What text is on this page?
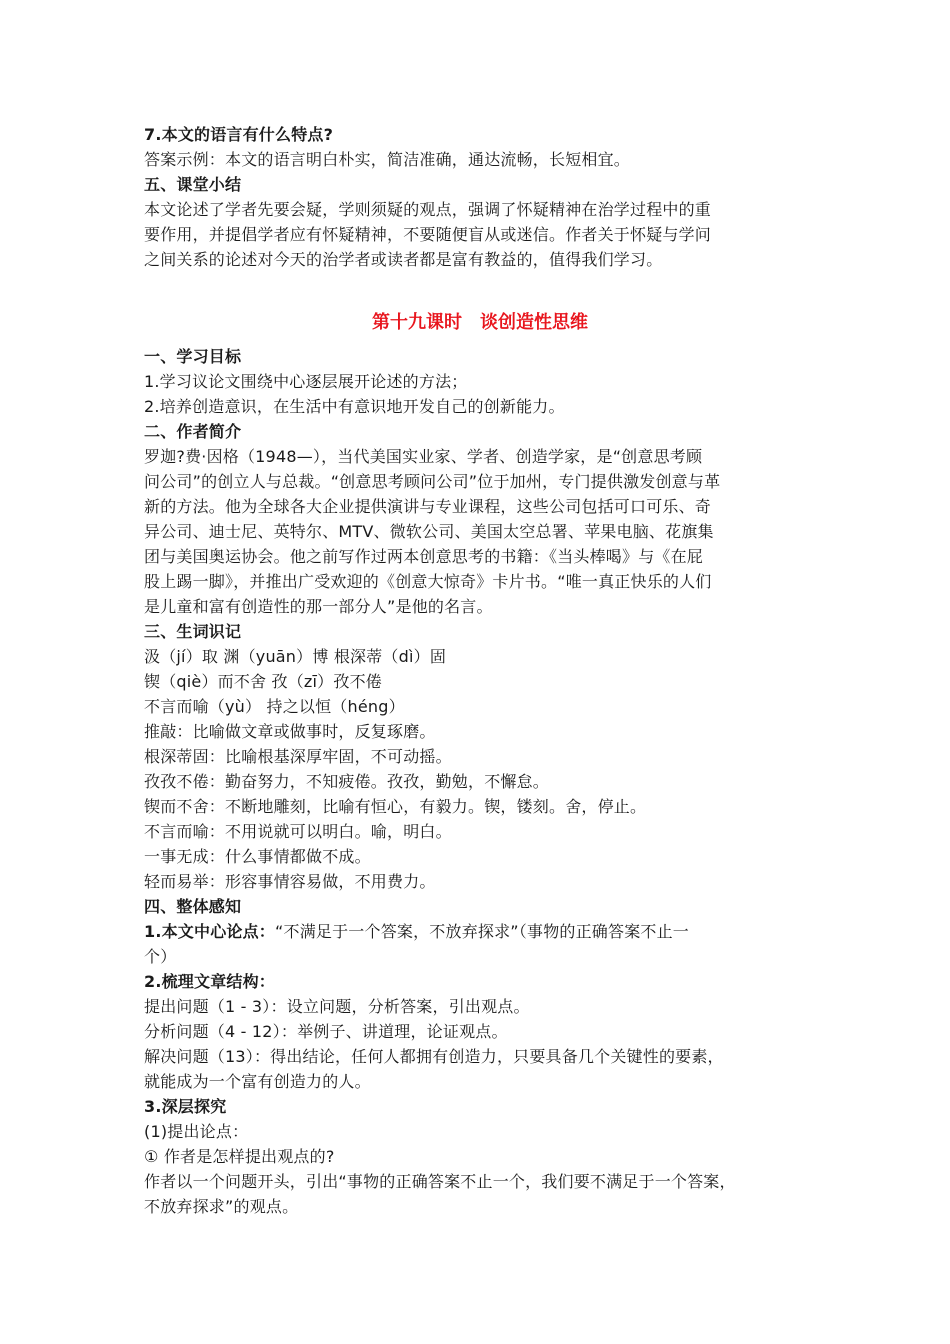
7.本文的语言有什么特点?
答案示例：本文的语言明白朴实，简洁准确，通达流畅，长短相宜。
五、课堂小结
本文论述了学者先要会疑，学则须疑的观点，强调了怀疑精神在治学过程中的重
要作用，并提倡学者应有怀疑精神，不要随便盲从或迷信。作者关于怀疑与学问
之间关系的论述对今天的治学者或读者都是富有教益的，值得我们学习。
第十九课时　谈创造性思维
一、学习目标
1.学习议论文围绕中心逐层展开论述的方法；
2.培养创造意识，在生活中有意识地开发自己的创新能力。
二、作者简介
罗迦?费·因格（1948—），当代美国实业家、学者、创造学家，是“创意思考顾
问公司”的创立人与总裁。“创意思考顾问公司”位于加州，专门提供激发创意与革
新的方法。他为全球各大企业提供演讲与专业课程，这些公司包括可口可乐、奇
异公司、迪士尼、英特尔、MTV、微软公司、美国太空总署、苹果电脑、花旗集
团与美国奥运协会。他之前写作过两本创意思考的书籍：《当头棒喝》与《在屁
股上踢一脚》，并推出广受欢迎的《创意大惊奇》卡片书。“唯一真正快乐的人们
是儿童和富有创造性的那一部分人”是他的名言。
三、生词识记
汲（jí）取 渊（yuān）博 根深蒂（dì）固
锲（qiè）而不舍 孜（zī）孜不倦
不言而喻（yù） 持之以恒（héng）
推敲：比喻做文章或做事时，反复琢磨。
根深蒂固：比喻根基深厚牢固，不可动摇。
孜孜不倦：勤奋努力，不知疲倦。孜孜，勤勉，不懈怠。
锲而不舍：不断地雕刻，比喻有恒心，有毅力。锲，镂刻。舍，停止。
不言而喻：不用说就可以明白。喻，明白。
一事无成：什么事情都做不成。
轻而易举：形容事情容易做，不用费力。
四、整体感知
1.本文中心论点：“不满足于一个答案，不放弃探求”（事物的正确答案不止一
个）
2.梳理文章结构：
提出问题（1 - 3）：设立问题，分析答案，引出观点。
分析问题（4 - 12）：举例子、讲道理，论证观点。
解决问题（13）：得出结论，任何人都拥有创造力，只要具备几个关键性的要素，
就能成为一个富有创造力的人。
3.深层探究
(1)提出论点：
① 作者是怎样提出观点的?
作者以一个问题开头，引出“事物的正确答案不止一个，我们要不满足于一个答案，
不放弃探求”的观点。
